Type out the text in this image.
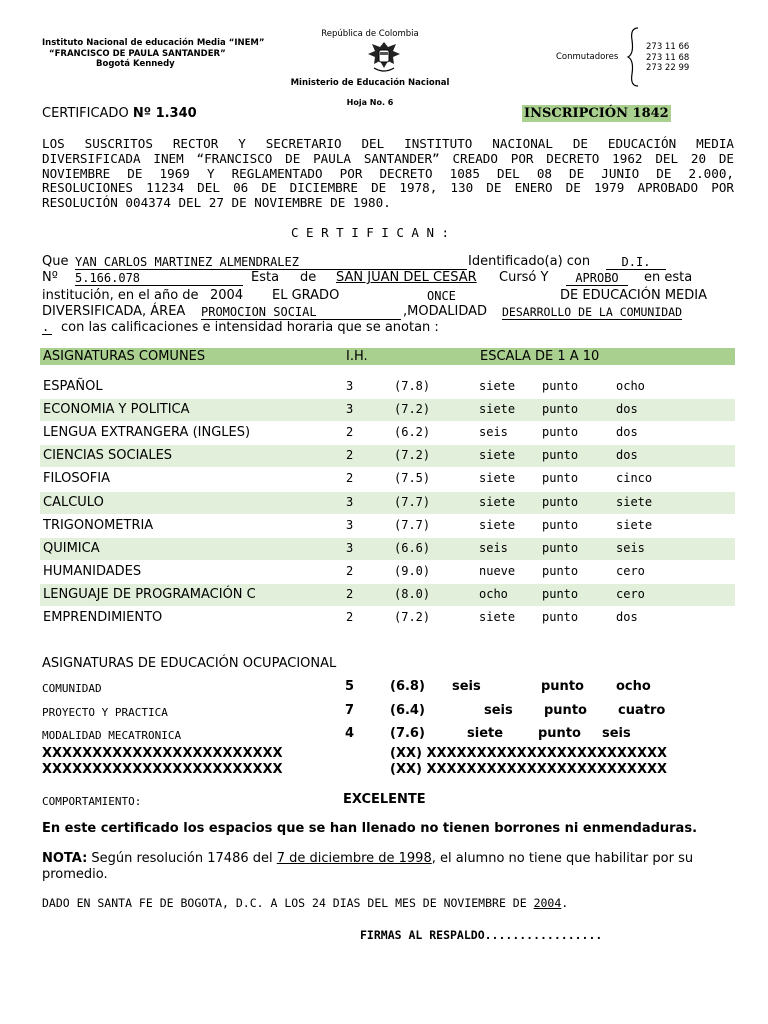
Instituto Nacional de educación Media “INEM”
“FRANCISCO DE PAULA SANTANDER”
Bogotá Kennedy
República de Colombia
Ministerio de Educación Nacional
Hoja No. 6
Conmutadores
273 11 66
273 11 68
273 22 99
CERTIFICADO Nº 1.340	INSCRIPCIÓN 1842
LOS SUSCRITOS RECTOR Y SECRETARIO DEL INSTITUTO NACIONAL DE EDUCACIÓN MEDIA
DIVERSIFICADA INEM “FRANCISCO DE PAULA SANTANDER” CREADO POR DECRETO 1962 DEL 20 DE
NOVIEMBRE DE 1969 Y REGLAMENTADO POR DECRETO 1085 DEL 08 DE JUNIO DE 2.000,
RESOLUCIONES 11234 DEL 06 DE DICIEMBRE DE 1978, 130 DE ENERO DE 1979 APROBADO POR
RESOLUCIÓN 004374 DEL 27 DE NOVIEMBRE DE 1980.
C E R T I F I C A N :
Que YAN CARLOS MARTINEZ ALMENDRALEZ	Identificado(a) con	D.I.
Nº 5.166.078	Esta de SAN JUAN DEL CESAR Cursó Y	APROBO	en esta
institución, en el año de 2004 EL GRADO	ONCE	DE EDUCACIÓN MEDIA
DIVERSIFICADA, ÁREA PROMOCION SOCIAL	,MODALIDAD DESARROLLO DE LA COMUNIDAD
. con las calificaciones e intensidad horaria que se anotan :
ASIGNATURAS COMUNES	I.H.	ESCALA DE 1 A 10
ESPAÑOL	3	(7.8)	siete punto	ocho
ECONOMIA Y POLITICA	3	(7.2)	siete punto	dos
LENGUA EXTRANGERA (INGLES)	2	(6.2)	seis	punto	dos
CIENCIAS SOCIALES	2	(7.2)	siete punto	dos
FILOSOFIA	2	(7.5)	siete punto	cinco
CALCULO	3	(7.7)	siete punto	siete
TRIGONOMETRIA	3	(7.7)	siete punto	siete
QUIMICA	3	(6.6)	seis	punto	seis
HUMANIDADES	2	(9.0)	nueve punto	cero
LENGUAJE DE PROGRAMACIÓN C	2	(8.0)	ocho	punto	cero
EMPRENDIMIENTO	2	(7.2)	siete punto	dos
ASIGNATURAS DE EDUCACIÓN OCUPACIONAL
COMUNIDAD	5	(6.8) seis	punto ocho
PROYECTO Y PRACTICA	7	(6.4)	seis punto cuatro
MODALIDAD MECATRONICA	4	(7.6)	siete	punto seis
XXXXXXXXXXXXXXXXXXXXXXXX
XXXXXXXXXXXXXXXXXXXXXXXX
(XX) XXXXXXXXXXXXXXXXXXXXXXXX
(XX) XXXXXXXXXXXXXXXXXXXXXXXX
COMPORTAMIENTO:	EXCELENTE
En este certificado los espacios que se han llenado no tienen borrones ni enmendaduras.
NOTA: Según resolución 17486 del 7 de diciembre de 1998, el alumno no tiene que habilitar por su
promedio.
DADO EN SANTA FE DE BOGOTA, D.C. A LOS 24 DIAS DEL MES DE NOVIEMBRE DE 2004.
FIRMAS AL RESPALDO.................
